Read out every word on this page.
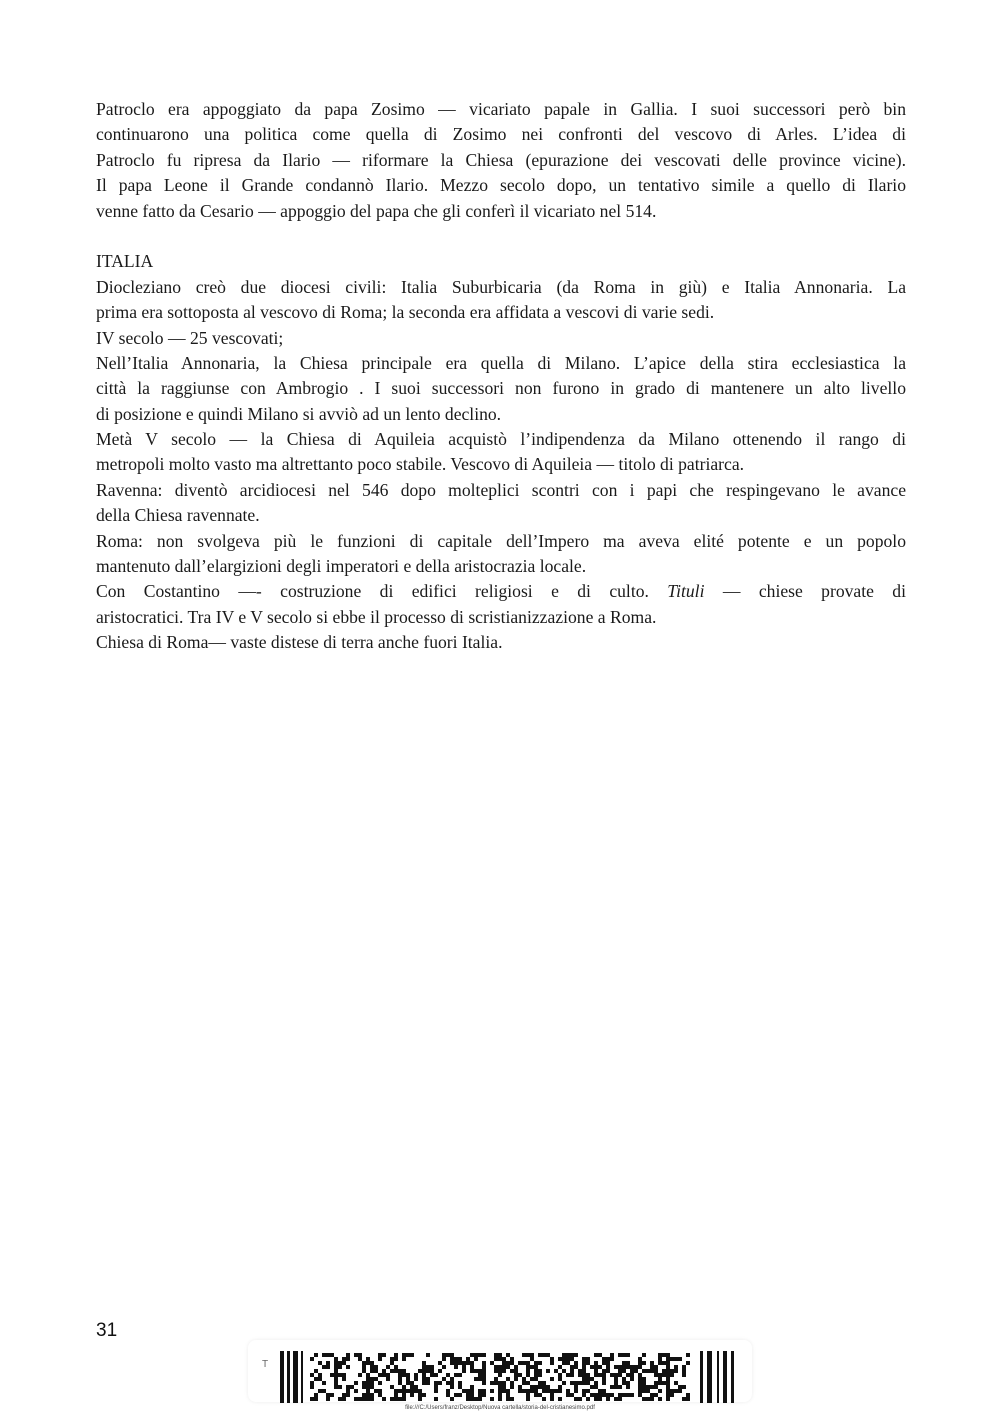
Patroclo era appoggiato da papa Zosimo — vicariato papale in Gallia. I suoi successori però bin
continuarono una politica come quella di Zosimo nei confronti del vescovo di Arles. L’idea di
Patroclo fu ripresa da Ilario — riformare la Chiesa (epurazione dei vescovati delle province vicine).
Il papa Leone il Grande condannò Ilario. Mezzo secolo dopo, un tentativo simile a quello di Ilario
venne fatto da Cesario — appoggio del papa che gli conferì il vicariato nel 514.
ITALIA
Diocleziano creò due diocesi civili: Italia Suburbicaria (da Roma in giù) e Italia Annonaria. La
prima era sottoposta al vescovo di Roma; la seconda era affidata a vescovi di varie sedi.
IV secolo — 25 vescovati;
Nell’Italia Annonaria, la Chiesa principale era quella di Milano. L’apice della stira ecclesiastica la
città la raggiunse con Ambrogio . I suoi successori non furono in grado di mantenere un alto livello
di posizione e quindi Milano si avviò ad un lento declino.
Metà V secolo — la Chiesa di Aquileia acquistò l’indipendenza da Milano ottenendo il rango di
metropoli molto vasto ma altrettanto poco stabile. Vescovo di Aquileia — titolo di patriarca.
Ravenna: diventò arcidiocesi nel 546 dopo molteplici scontri con i papi che respingevano le avance
della Chiesa ravennate.
Roma: non svolgeva più le funzioni di capitale dell’Impero ma aveva elité potente e un popolo
mantenuto dall’elargizioni degli imperatori e della aristocrazia locale.
Con Costantino —- costruzione di edifici religiosi e di culto. Tituli — chiese provate di
aristocratici. Tra IV e V secolo si ebbe il processo di scristianizzazione a Roma.
Chiesa di Roma— vaste distese di terra anche fuori Italia.
31
T
file:///C:/Users/franz/Desktop/Nuova cartella/storia-del-cristianesimo.pdf
